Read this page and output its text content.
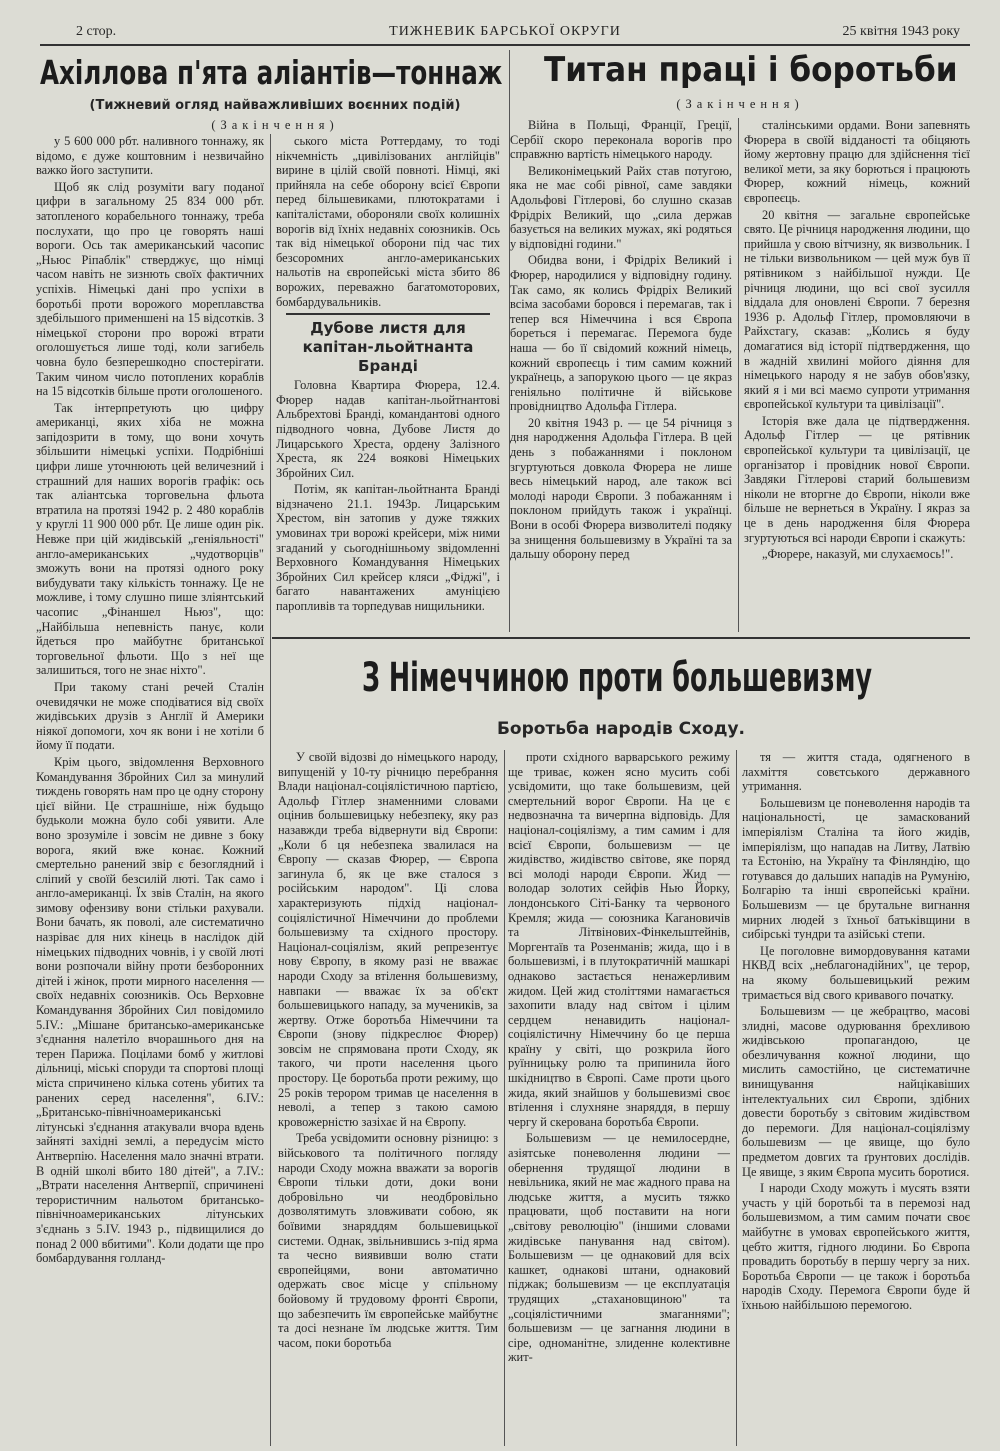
ТИЖНЕВИК БАРСЬКОЇ ОКРУГИ
2 стор.	25 квітня 1943 року
Ахіллова п'ята аліантів—тоннаж
(Тижневий огляд найважливіших воєнних подій)
(Закінчення)

у 5 600 000 рбт. наливного тоннажу, як відомо, є дуже коштовним і незвичайно важко його заступити.

Щоб як слід розуміти вагу поданої цифри в загальному 25 834 000 рбт. затопленого корабельного тоннажу, треба послухати, що про це говорять наші вороги. Ось так американський часопис „Ньюс Ріпаблік" стверджує, що німці часом навіть не зизнють своїх фактичних успіхів. Німецькі дані про успіхи в боротьбі проти ворожого мореплавства здебільшого применшені на 15 відсотків. З німецької сторони про ворожі втрати оголошується лише тоді, коли загибель човна було безперешкодно спостерігати. Таким чином число потоплених кораблів на 15 відсотків більше проти оголошеного.

Так інтерпретують цю цифру американці, яких хіба не можна запідозрити в тому, що вони хочуть збільшити німецькі успіхи. Подрібніші цифри лише уточнюють цей величезний і страшний для наших ворогів графік: ось так аліантська торговельна фльота втратила на протязі 1942 р. 2 480 кораблів у круглі 11 900 000 рбт. Це лише один рік. Невже при цій жидівській „геніяльності" англо-американських „чудотворців" зможуть вони на протязі одного року вибудувати таку кількість тоннажу. Це не можливе, і тому слушно пише зліянтський часопис „Фінаншел Ньюз", що: „Найбільша непевність панує, коли йдеться про майбутнє британської торговельної фльоти. Що з неї ще залишиться, того не знає ніхто".

При такому стані речей Сталін очевидячки не може сподіватися від своїх жидівських друзів з Англії й Америки ніякої допомоги, хоч як вони і не хотіли б йому її подати.

Крім цього, звідомлення Верховного Командування Збройних Сил за минулий тиждень говорять нам про це одну сторону цієї війни. Це страшніше, ніж будьщо будьколи можна було собі уявити. Але воно зрозуміле і зовсім не дивне з боку ворога, який вже конає. Кожний смертельно ранений звір є безоглядний і сліпий у своїй безсилій люті. Так само і англо-американці. Їх звів Сталін, на якого зимову офензиву вони стільки рахували. Вони бачать, як поволі, але систематично назріває для них кінець в наслідок дій німецьких підводних човнів, і у своїй люті вони розпочали війну проти безборонних дітей і жінок, проти мирного населення — своїх недавніх союзників. Ось Верховне Командування Збройних Сил повідомило 5.IV.: „Мішане британсько-американське з'єднання налетіло вчорашнього дня на терен Парижа. Поцілами бомб у житлові дільниці, міські споруди та спортові площі міста спричинено кілька сотень убитих та ранених серед населення", 6.IV.: „Британсько-північноамериканські літунські з'єднання атакували вчора вдень зайняті західні землі, а передусім місто Антверпію. Населення мало значні втрати. В одній школі вбито 180 дітей", а 7.IV.: „Втрати населення Антверпії, спричинені терористичним нальотом британсько-північноамериканських літунських з'єднань з 5.IV. 1943 р., підвищилися до понад 2 000 вбитими". Коли додати ще про бомбардування голланд-

ського міста Роттердаму, то тоді нікчемність „цивілізованих англійців" вирине в цілій своїй повноті. Німці, які прийняла на себе оборону всієї Європи перед більшевиками, плютократами і капіталістами, обороняли своїх колишніх ворогів від їхніх недавніх союзників. Ось так від німецької оборони під час тих безсоромних англо-американських нальотів на європейські міста збито 86 ворожих, переважно багатомоторових, бомбардувальників.

Дубове листя для капітан-льойтнанта Бранді

Головна Квартира Фюрера, 12.4. Фюрер надав капітан-льойтнантові Альбрехтові Бранді, командантові одного підводного човна, Дубове Листя до Лицарського Хреста, ордену Залізного Хреста, як 224 воякові Німецьких Збройних Сил.

Потім, як капітан-льойтнанта Бранді відзначено 21.1. 1943р. Лицарським Хрестом, він затопив у дуже тяжких умовинах три ворожі крейсери, між ними згаданий у сьогоднішньому звідомленні Верховного Командування Німецьких Збройних Сил крейсер кляси „Фіджі", і багато навантажених амуніцією паропливів та торпедував нищильники.

Титан праці і боротьби
(Закінчення)

Війна в Польщі, Франції, Греції, Сербії скоро переконала ворогів про справжню вартість німецького народу.

Великонімецький Райх став потугою, яка не має собі рівної, саме завдяки Адольфові Гітлерові, бо слушно сказав Фрідріх Великий, що „сила держав базується на великих мужах, які родяться у відповідні години."

Обидва вони, і Фрідріх Великий і Фюрер, народилися у відповідну годину. Так само, як колись Фрідріх Великий всіма засобами боровся і перемагав, так і тепер вся Німеччина і вся Європа бореться і перемагає. Перемога буде наша — бо її свідомий кожний німець, кожний європеєць і тим самим кожний українець, а запорукою цього — це якраз геніяльно політичне й військове провідництво Адольфа Гітлера.

20 квітня 1943 р. — це 54 річниця з дня народження Адольфа Гітлера. В цей день з побажаннями і поклоном згуртуються довкола Фюрера не лише весь німецький народ, але також всі молоді народи Європи. З побажанням і поклоном прийдуть також і українці. Вони в особі Фюрера визволителі подяку за знищення большевизму в Україні та за дальшу оборону перед

сталінськими ордами. Вони запевнять Фюрера в своїй відданості та обіцяють йому жертовну працю для здійснення тієї великої мети, за яку борються і працюють Фюрер, кожний німець, кожний європеєць.

20 квітня — загальне європейське свято. Це річниця народження людини, що прийшла у свою вітчизну, як визвольник. І не тільки визвольником — цей муж був її рятівником з найбільшої нужди. Це річниця людини, що всі свої зусилля віддала для оновлені Європи. 7 березня 1936 р. Адольф Гітлер, промовляючи в Райхстагу, сказав: „Колись я буду домагатися від історії підтвердження, що в жадній хвилині мойого діяння для німецького народу я не забув обов'язку, який я і ми всі маємо супроти утримання європейської культури та цивілізації".

Історія вже дала це підтвердження. Адольф Гітлер — це рятівник європейської культури та цивілізації, це організатор і провідник нової Європи. Завдяки Гітлерові старий большевизм ніколи не вторгне до Європи, ніколи вже більше не вернеться в Україну. І якраз за це в день народження біля Фюрера згуртуються всі народи Європи і скажуть:

„Фюрере, наказуй, ми слухаємось!".

З Німеччиною проти большевизму
Боротьба народів Сходу.

У своїй відозві до німецького народу, випущеній у 10-ту річницю перебрання Влади націонал-соціялістичною партією, Адольф Гітлер знаменними словами оцінив большевицьку небезпеку, яку раз назавжди треба відвернути від Європи: „Коли б ця небезпека звалилася на Європу — сказав Фюрер, — Європа загинула б, як це вже сталося з російським народом". Ці слова характеризують підхід націонал-соціялістичної Німеччини до проблеми большевизму та східного простору. Націонал-соціялізм, який репрезентує нову Європу, в якому разі не вважає народи Сходу за втілення большевизму, навпаки — вважає їх за об'єкт большевицького нападу, за мучеників, за жертву. Отже боротьба Німеччини та Європи (знову підкреслює Фюрер) зовсім не спрямована проти Сходу, як такого, чи проти населення цього простору. Це боротьба проти режиму, що 25 років терором тримав це населення в неволі, а тепер з такою самою кровожерністю зазіхає й на Європу.

Треба усвідомити основну різницю: з військового та політичного погляду народи Сходу можна вважати за ворогів Європи тільки доти, доки вони добровільно чи неодбровільно дозволятимуть зловживати собою, як боївими знаряддям большевицької системи. Однак, звільнившись з-під ярма та чесно виявивши волю стати європейцями, вони автоматично одержать своє місце у спільному бойовому й трудовому фронті Європи, що забезпечить їм європейське майбутнє та досі незнане їм людське життя. Тим часом, поки боротьба

проти східного варварського режиму ще триває, кожен ясно мусить собі усвідомити, що таке большевизм, цей смертельний ворог Європи. На це є недвозначна та вичерпна відповідь. Для націонал-соціялізму, а тим самим і для всієї Європи, большевизм — це жидівство, жидівство світове, яке поряд всі молоді народи Європи. Жид — володар золотих сейфів Нью Йорку, лондонського Сіті-Банку та червоного Кремля; жида — союзника Кагановичів та Літвінових-Фінкельштейнів, Моргентаїв та Розенманів; жида, що і в большевизмі, і в плутократичній машкарі однаково застається ненажерливим жидом. Цей жид століттями намагається захопити владу над світом і цілим сердцем ненавидить націонал-соціялістичну Німеччину бо це перша країну у світі, що розкрила його руїнницьку ролю та припинила його шкідництво в Європі. Саме проти цього жида, який знайшов у большевизмі своє втілення і слухняне знаряддя, в першу чергу й скерована боротьба Європи.

Большевизм — це немилосердне, азіятське поневолення людини — обернення трудящої людини в невільника, який не має жадного права на людське життя, а мусить тяжко працювати, щоб поставити на ноги „світову революцію" (іншими словами жидівське панування над світом). Большевизм — це однаковий для всіх кашкет, однакові штани, однаковий піджак; большевизм — це експлуатація трудящих „стахановщиною" та „соціялістичними змаганнями"; большевизм — це загнання людини в сіре, одноманітне, злиденне колективне жит-

тя — життя стада, одягненого в лахміття совєтського державного утримання.

Большевизм це поневолення народів та національності, це замаскований імперіялізм Сталіна та його жидів, імперіялізм, що нападав на Литву, Латвію та Естонію, на Україну та Фінляндію, що готувався до дальших нападів на Румунію, Болгарію та інші європейські країни. Большевизм — це брутальне вигнання мирних людей з їхньої батьківщини в сибірські тундри та азійські степи.

Це поголовне вимордовування катами НКВД всіх „неблагонадійних", це терор, на якому большевицький режим тримається від свого кривавого початку.

Большевизм — це жебрацтво, масові злидні, масове одурювання брехливою жидівською пропагандою, це обезличування кожної людини, що мислить самостійно, це систематичне винищування найцікавіших інтелектуальних сил Європи, здібних довести боротьбу з світовим жидівством до перемоги. Для націонал-соціялізму большевизм — це явище, що було предметом довгих та ґрунтових дослідів. Це явище, з яким Європа мусить боротися.

І народи Сходу можуть і мусять взяти участь у цій боротьбі та в перемозі над большевизмом, а тим самим почати своє майбутнє в умовах європейського життя, цебто життя, гідного людини. Бо Європа провадить боротьбу в першу чергу за них. Боротьба Європи — це також і боротьба народів Сходу. Перемога Європи буде й їхньою найбільшою перемогою.
